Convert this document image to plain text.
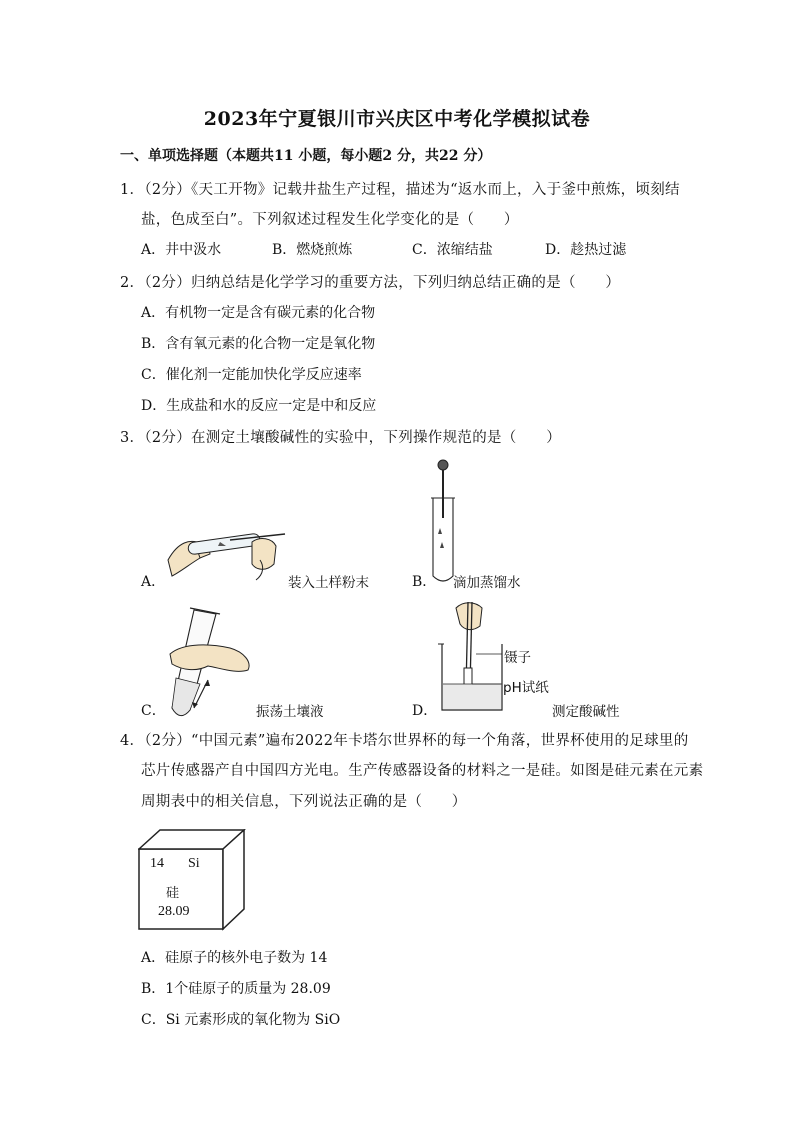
2023年宁夏银川市兴庆区中考化学模拟试卷
一、单项选择题（本题共11 小题，每小题2 分，共22 分）
1．（2分）《天工开物》记载井盐生产过程，描述为“返水而上，入于釜中煎炼，顷刻结
盐，色成至白”。下列叙述过程发生化学变化的是（　　）
A．井中汲水	B．燃烧煎炼	C．浓缩结盐	D．趁热过滤
2．（2分）归纳总结是化学学习的重要方法，下列归纳总结正确的是（　　）
A．有机物一定是含有碳元素的化合物
B．含有氧元素的化合物一定是氧化物
C．催化剂一定能加快化学反应速率
D．生成盐和水的反应一定是中和反应
3．（2分）在测定土壤酸碱性的实验中，下列操作规范的是（　　）
A．	装入土样粉末	B． 滴加蒸馏水
C．	振荡土壤液
镊子
pH试纸
D．	测定酸碱性
4．（2分）“中国元素”遍布2022年卡塔尔世界杯的每一个角落，世界杯使用的足球里的
芯片传感器产自中国四方光电。生产传感器设备的材料之一是硅。如图是硅元素在元素
周期表中的相关信息，下列说法正确的是（　　）
14 Si
硅
28.09
A．硅原子的核外电子数为 14
B．1个硅原子的质量为 28.09
C．Si 元素形成的氧化物为 SiO
